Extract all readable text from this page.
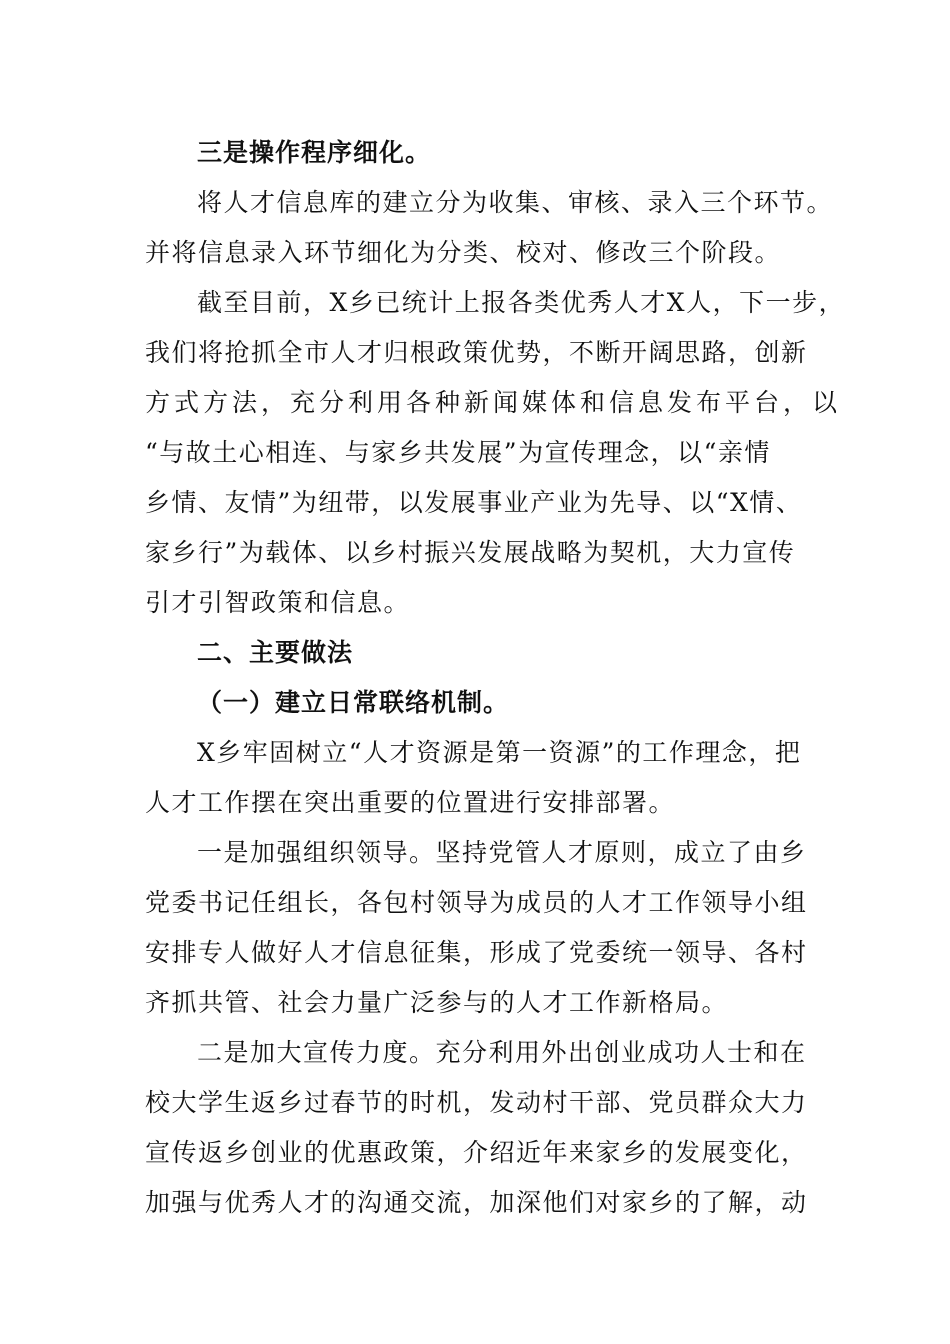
三是操作程序细化。
将人才信息库的建立分为收集、审核、录入三个环节。
并将信息录入环节细化为分类、校对、修改三个阶段。
截至目前，X乡已统计上报各类优秀人才X人，下一步，
我们将抢抓全市人才归根政策优势，不断开阔思路，创新
方式方法，充分利用各种新闻媒体和信息发布平台，以
“与故土心相连、与家乡共发展”为宣传理念，以“亲情
乡情、友情”为纽带，以发展事业产业为先导、以“X情、
家乡行”为载体、以乡村振兴发展战略为契机，大力宣传
引才引智政策和信息。
二、主要做法
（一）建立日常联络机制。
X乡牢固树立“人才资源是第一资源”的工作理念，把
人才工作摆在突出重要的位置进行安排部署。
一是加强组织领导。坚持党管人才原则，成立了由乡
党委书记任组长，各包村领导为成员的人才工作领导小组
安排专人做好人才信息征集，形成了党委统一领导、各村
齐抓共管、社会力量广泛参与的人才工作新格局。
二是加大宣传力度。充分利用外出创业成功人士和在
校大学生返乡过春节的时机，发动村干部、党员群众大力
宣传返乡创业的优惠政策，介绍近年来家乡的发展变化，
加强与优秀人才的沟通交流，加深他们对家乡的了解，动
